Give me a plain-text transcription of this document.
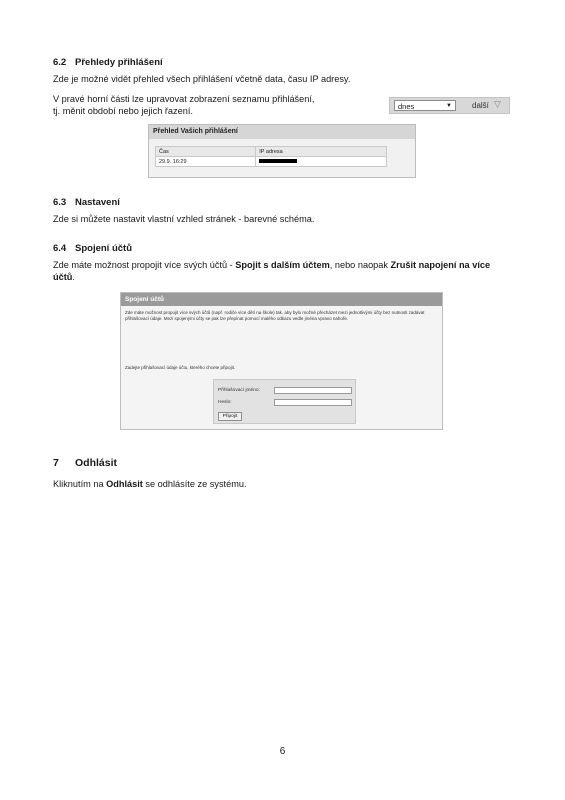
6.2 Přehledy přihlášení
Zde je možné vidět přehled všech přihlášení včetně data, času IP adresy.
V pravé horní části lze upravovat zobrazení seznamu přihlášení,
tj. měnit období nebo jejich řazení.	dnes	▼	další ▽
Přehled Vašich přihlášení
Čas	IP adresa
29.9. 16:29	
6.3 Nastavení
Zde si můžete nastavit vlastní vzhled stránek - barevné schéma.
6.4 Spojení účtů
Zde máte možnost propojit více svých účtů - Spojit s dalším účtem, nebo naopak Zrušit napojení na více účtů.
Spojení účtů
Zde máte možnost propojit více svých účtů (např. rodiče více dětí na škole) tak, aby bylo možné přecházet mezi jednotlivými účty bez nutnosti zadávat přihlašovací údaje. Mezi spojenými účty se pak lze přepínat pomocí malého odkazu vedle jména vpravo nahoře.
Zadejte přihlašovací údaje účtu, kterého chcete připojit.
Přihlašovací jméno:
Heslo:
Připojit
7 Odhlásit
Kliknutím na Odhlásit se odhlásíte ze systému.
6
